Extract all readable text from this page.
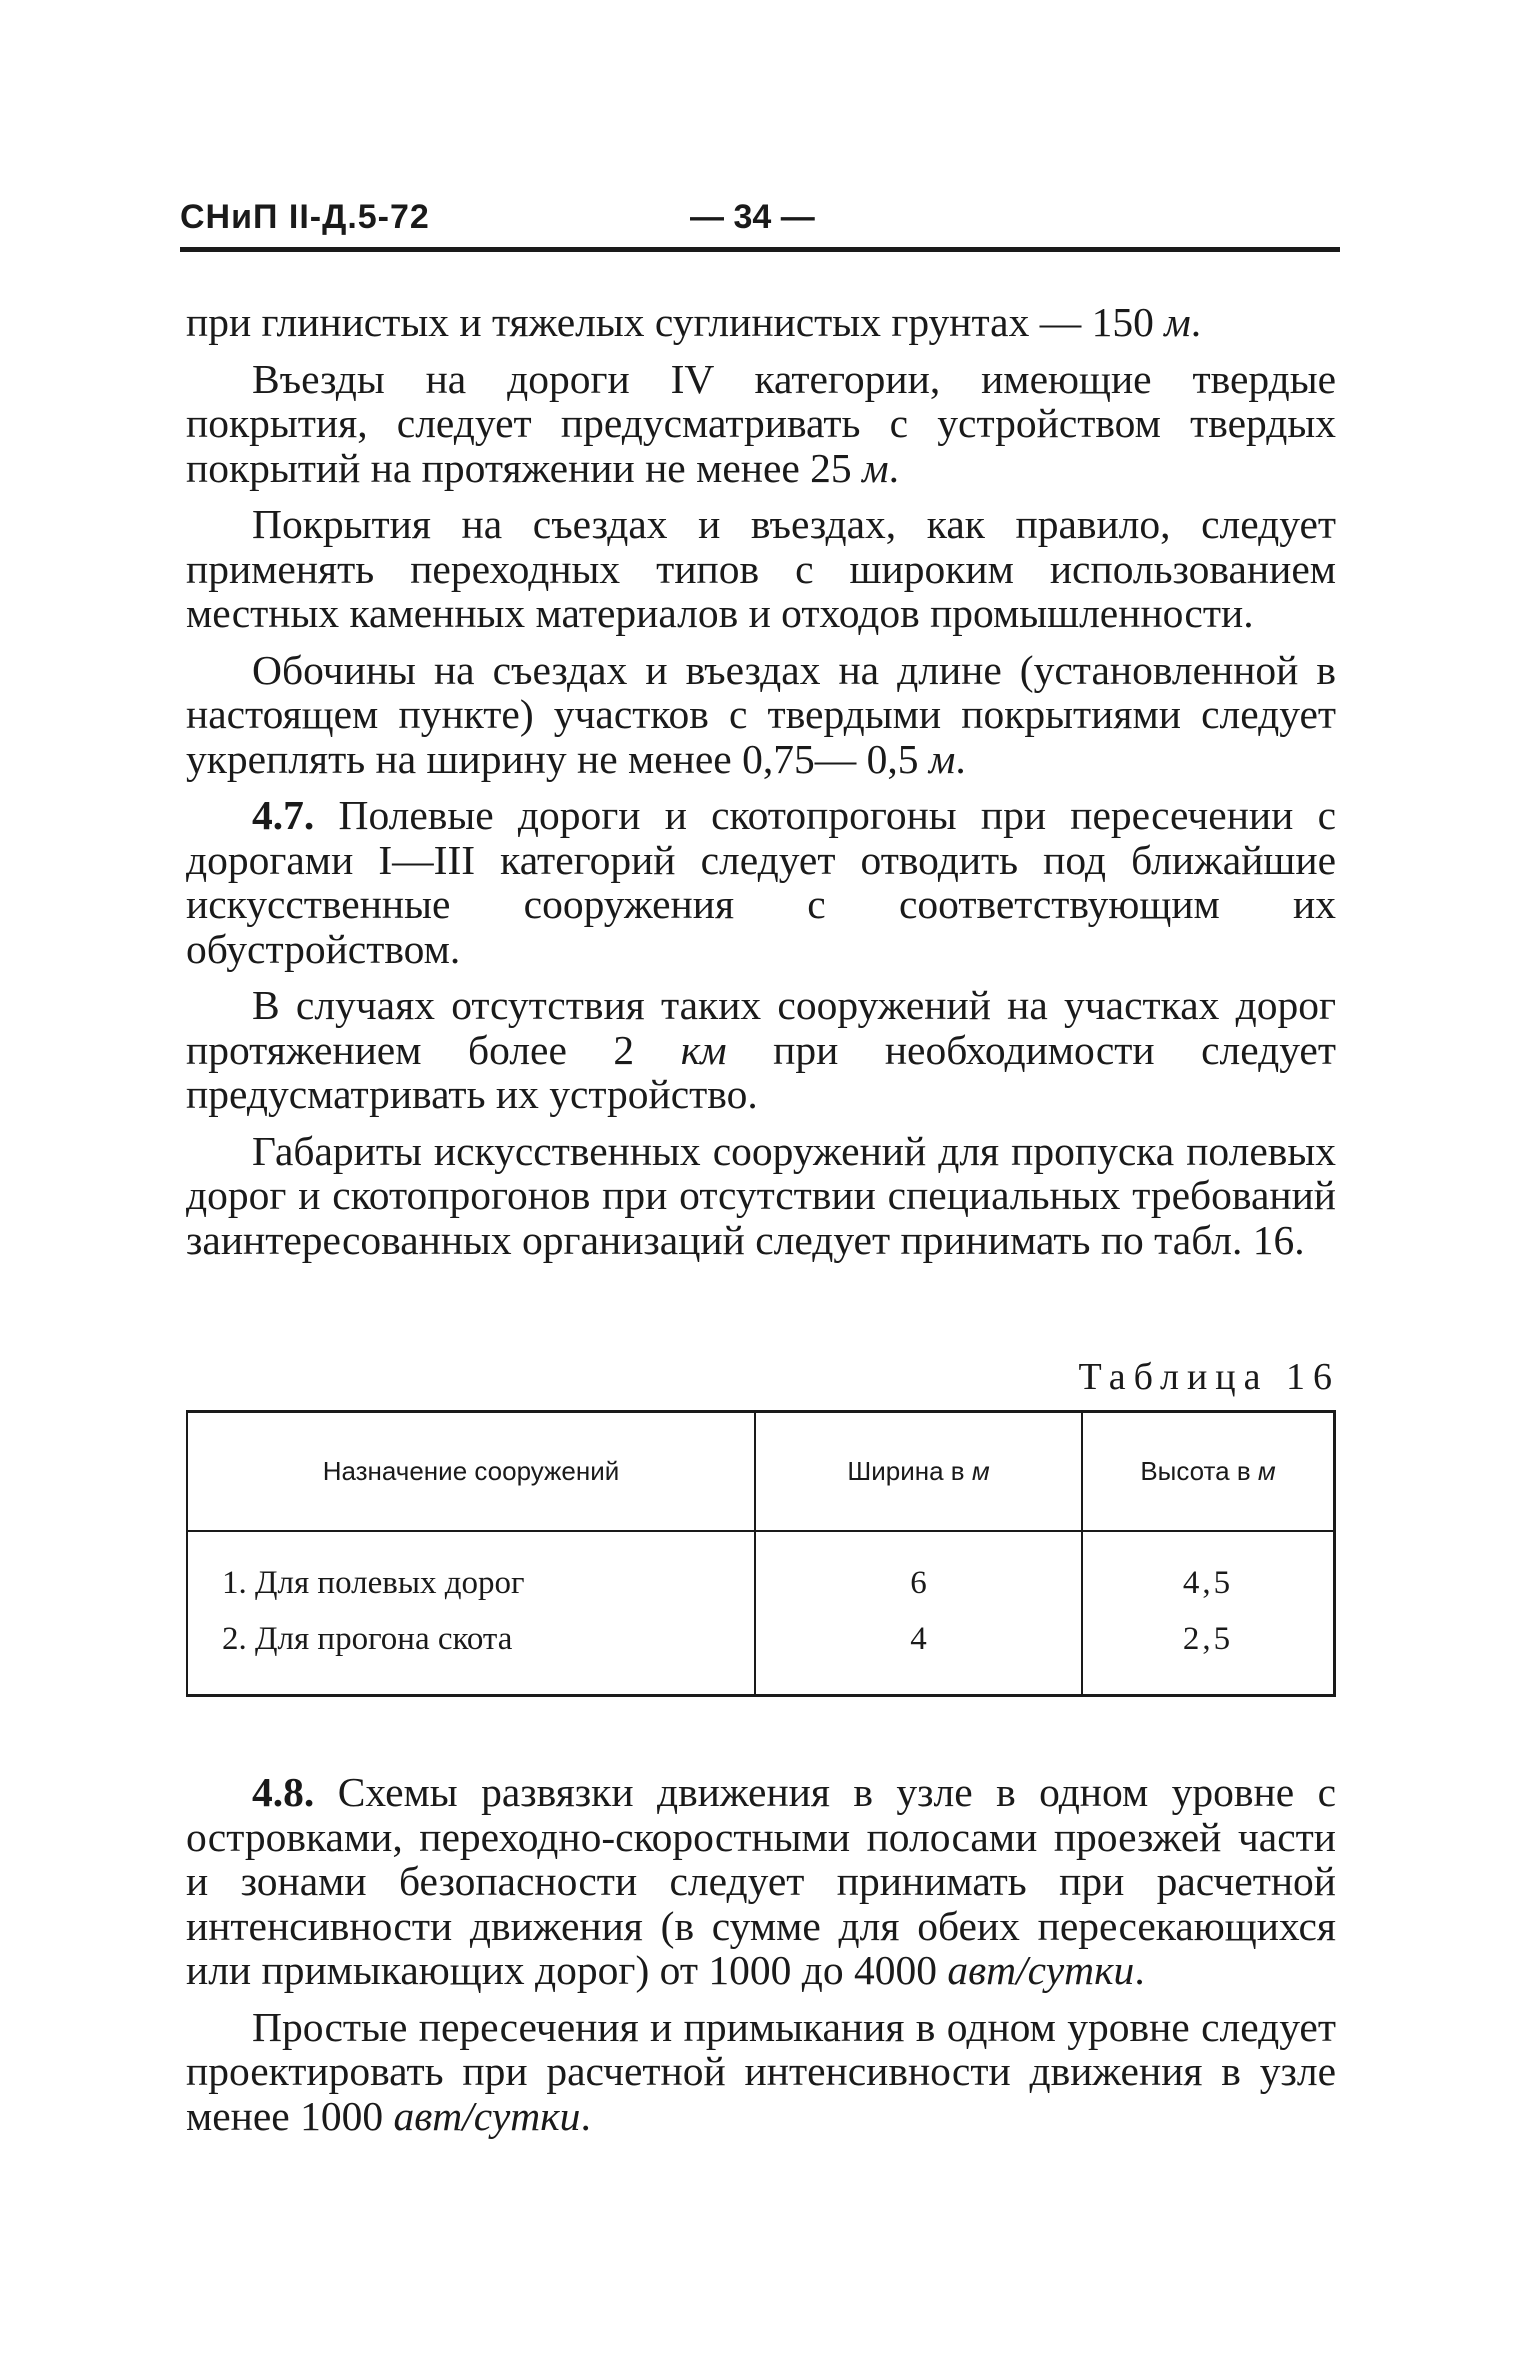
СНиП II-Д.5-72	— 34 —

при глинистых и тяжелых суглинистых грунтах — 150 м.

Въезды на дороги IV категории, имеющие твердые покрытия, следует предусматривать с устройством твердых покрытий на протяжении не менее 25 м.

Покрытия на съездах и въездах, как правило, следует применять переходных типов с широким использованием местных каменных материалов и отходов промышленности.

Обочины на съездах и въездах на длине (установленной в настоящем пункте) участков с твердыми покрытиями следует укреплять на ширину не менее 0,75— 0,5 м.

4.7. Полевые дороги и скотопрогоны при пересечении с дорогами I—III категорий следует отводить под ближайшие искусственные сооружения с соответствующим их обустройством.

В случаях отсутствия таких сооружений на участках дорог протяжением более 2 км при необходимости следует предусматривать их устройство.

Габариты искусственных сооружений для пропуска полевых дорог и скотопрогонов при отсутствии специальных требований заинтересованных организаций следует принимать по табл. 16.

Таблица 16
Назначение сооружений	Ширина в м	Высота в м
1. Для полевых дорог	6	4,5
2. Для прогона скота	4	2,5

4.8. Схемы развязки движения в узле в одном уровне с островками, переходно-скоростными полосами проезжей части и зонами безопасности следует принимать при расчетной интенсивности движения (в сумме для обеих пересекающихся или примыкающих дорог) от 1000 до 4000 авт/сутки.

Простые пересечения и примыкания в одном уровне следует проектировать при расчетной интенсивности движения в узле менее 1000 авт/сутки.
